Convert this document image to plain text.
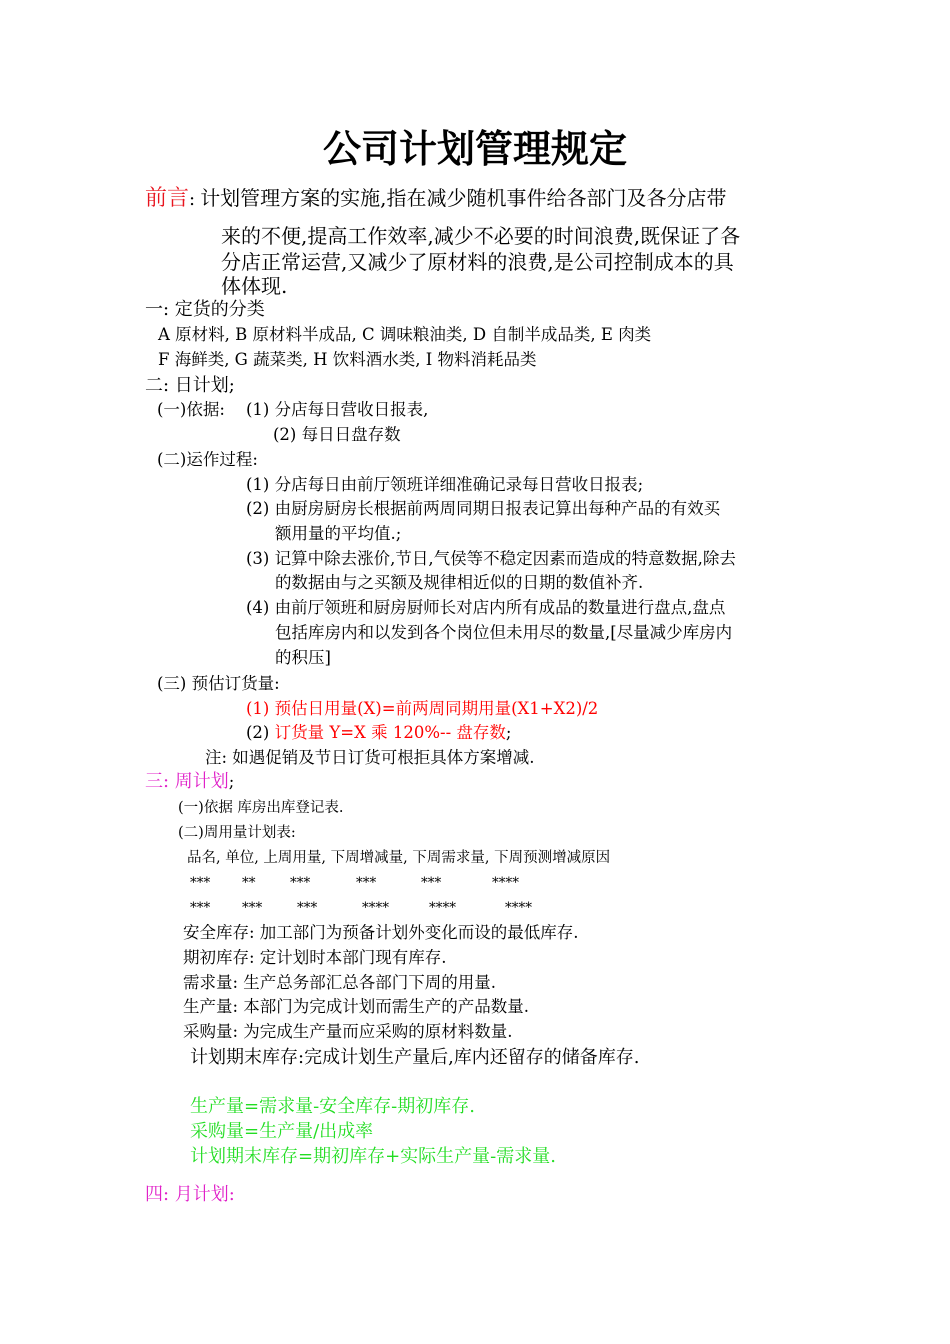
公司计划管理规定
前言: 计划管理方案的实施,指在减少随机事件给各部门及各分店带
来的不便,提高工作效率,减少不必要的时间浪费,既保证了各
分店正常运营,又减少了原材料的浪费,是公司控制成本的具
体体现.
一: 定货的分类
A 原材料, B 原材料半成品, C 调味粮油类, D 自制半成品类, E 肉类
F 海鲜类, G 蔬菜类, H 饮料酒水类, I 物料消耗品类
二: 日计划;
(一)依据: (1) 分店每日营收日报表,
(2) 每日日盘存数
(二)运作过程:
(1) 分店每日由前厅领班详细准确记录每日营收日报表;
(2) 由厨房厨房长根据前两周同期日报表记算出每种产品的有效买
额用量的平均值.;
(3) 记算中除去涨价,节日,气侯等不稳定因素而造成的特意数据,除去
的数据由与之买额及规律相近似的日期的数值补齐.
(4) 由前厅领班和厨房厨师长对店内所有成品的数量进行盘点,盘点
包括库房内和以发到各个岗位但未用尽的数量,[尽量减少库房内
的积压]
(三) 预估订货量:
(1) 预估日用量(X)=前两周同期用量(X1+X2)/2
(2) 订货量 Y=X 乘 120%-- 盘存数;
注: 如遇促销及节日订货可根拒具体方案增减.
三: 周计划;
(一)依据 库房出库登记表.
(二)周用量计划表:
品名, 单位, 上周用量, 下周增减量, 下周需求量, 下周预测增减原因
*** **	***	***	***	****
*** ***	***	****	****	****
安全库存: 加工部门为预备计划外变化而设的最低库存.
期初库存: 定计划时本部门现有库存.
需求量: 生产总务部汇总各部门下周的用量.
生产量: 本部门为完成计划而需生产的产品数量.
采购量: 为完成生产量而应采购的原材料数量.
计划期末库存:完成计划生产量后,库内还留存的储备库存.
生产量=需求量-安全库存-期初库存.
采购量=生产量/出成率
计划期末库存=期初库存+实际生产量-需求量.
四: 月计划:
